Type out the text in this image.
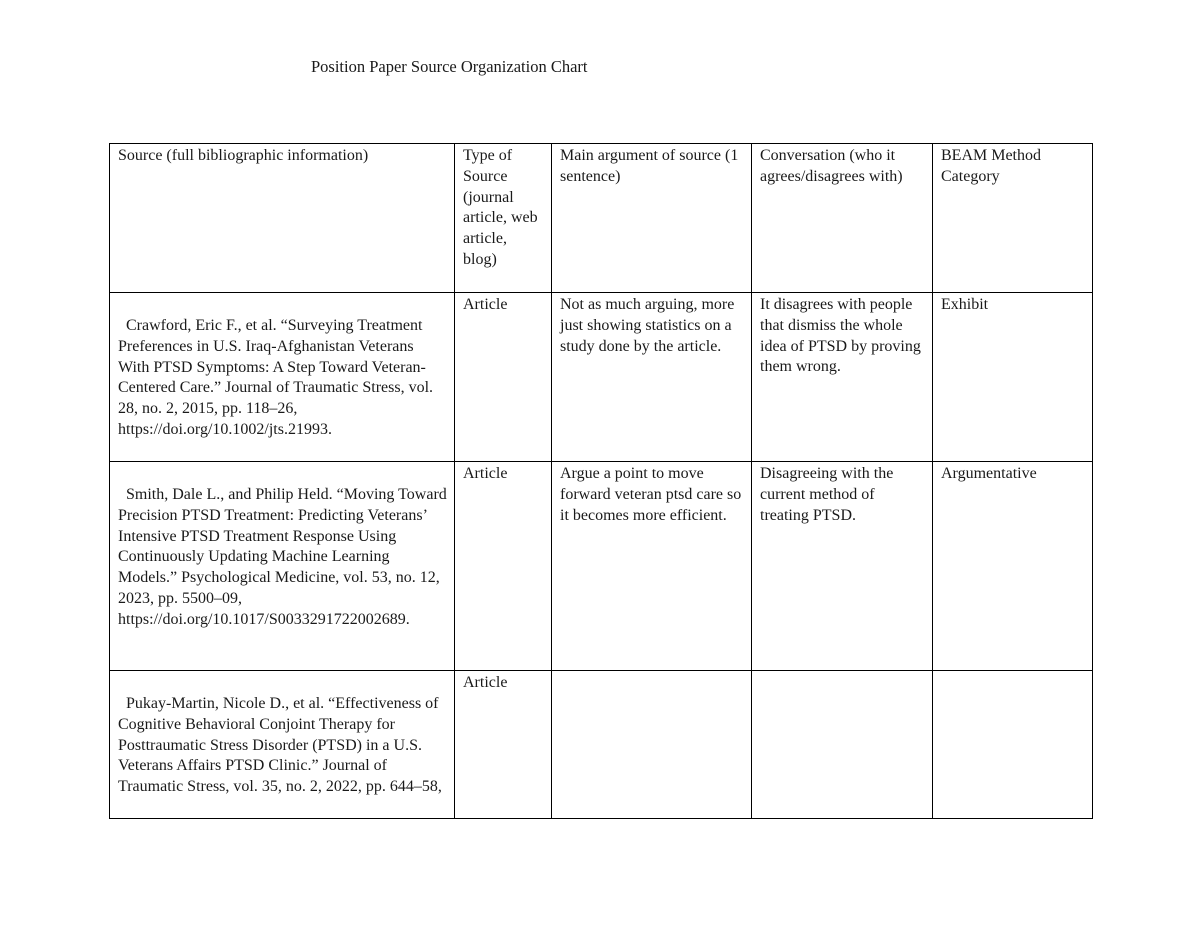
Position Paper Source Organization Chart
Source (full bibliographic information)	Type of Source (journal article, web article, blog)	Main argument of source (1 sentence)	Conversation (who it agrees/disagrees with)	BEAM Method Category

Crawford, Eric F., et al. “Surveying Treatment Preferences in U.S. Iraq-Afghanistan Veterans With PTSD Symptoms: A Step Toward Veteran-Centered Care.” Journal of Traumatic Stress, vol. 28, no. 2, 2015, pp. 118–26,
https://doi.org/10.1002/jts.21993.	Article	Not as much arguing, more just showing statistics on a study done by the article.	It disagrees with people that dismiss the whole idea of PTSD by proving them wrong.	Exhibit

Smith, Dale L., and Philip Held. “Moving Toward Precision PTSD Treatment: Predicting Veterans’ Intensive PTSD Treatment Response Using Continuously Updating Machine Learning Models.” Psychological Medicine, vol. 53, no. 12, 2023, pp. 5500–09,
https://doi.org/10.1017/S0033291722002689.	Article	Argue a point to move forward veteran ptsd care so it becomes more efficient.	Disagreeing with the current method of treating PTSD.	Argumentative

Pukay-Martin, Nicole D., et al. “Effectiveness of Cognitive Behavioral Conjoint Therapy for Posttraumatic Stress Disorder (PTSD) in a U.S. Veterans Affairs PTSD Clinic.” Journal of Traumatic Stress, vol. 35, no. 2, 2022, pp. 644–58,	Article			
